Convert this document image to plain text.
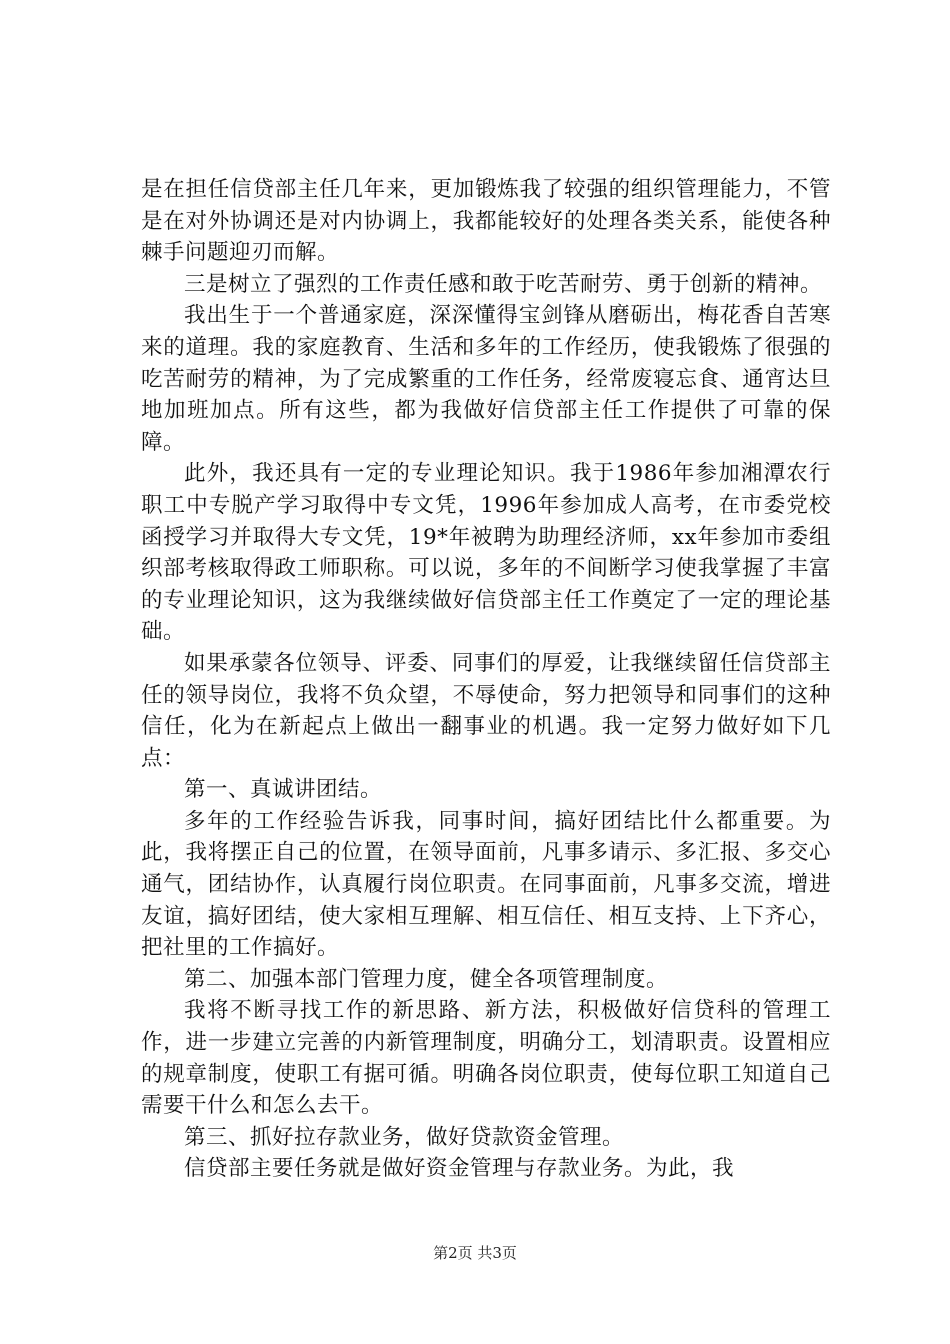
是在担任信贷部主任几年来，更加锻炼我了较强的组织管理能力，不管是在对外协调还是对内协调上，我都能较好的处理各类关系，能使各种棘手问题迎刃而解。

三是树立了强烈的工作责任感和敢于吃苦耐劳、勇于创新的精神。

我出生于一个普通家庭，深深懂得宝剑锋从磨砺出，梅花香自苦寒来的道理。我的家庭教育、生活和多年的工作经历，使我锻炼了很强的吃苦耐劳的精神，为了完成繁重的工作任务，经常废寝忘食、通宵达旦地加班加点。所有这些，都为我做好信贷部主任工作提供了可靠的保障。

此外，我还具有一定的专业理论知识。我于1986年参加湘潭农行职工中专脱产学习取得中专文凭，1996年参加成人高考，在市委党校函授学习并取得大专文凭，19*年被聘为助理经济师，xx年参加市委组织部考核取得政工师职称。可以说，多年的不间断学习使我掌握了丰富的专业理论知识，这为我继续做好信贷部主任工作奠定了一定的理论基础。

如果承蒙各位领导、评委、同事们的厚爱，让我继续留任信贷部主任的领导岗位，我将不负众望，不辱使命，努力把领导和同事们的这种信任，化为在新起点上做出一翻事业的机遇。我一定努力做好如下几点：

第一、真诚讲团结。

多年的工作经验告诉我，同事时间，搞好团结比什么都重要。为此，我将摆正自己的位置，在领导面前，凡事多请示、多汇报、多交心通气，团结协作，认真履行岗位职责。在同事面前，凡事多交流，增进友谊，搞好团结，使大家相互理解、相互信任、相互支持、上下齐心，把社里的工作搞好。

第二、加强本部门管理力度，健全各项管理制度。

我将不断寻找工作的新思路、新方法，积极做好信贷科的管理工作，进一步建立完善的内新管理制度，明确分工，划清职责。设置相应的规章制度，使职工有据可循。明确各岗位职责，使每位职工知道自己需要干什么和怎么去干。

第三、抓好拉存款业务，做好贷款资金管理。

信贷部主要任务就是做好资金管理与存款业务。为此，我

第2页 共3页
